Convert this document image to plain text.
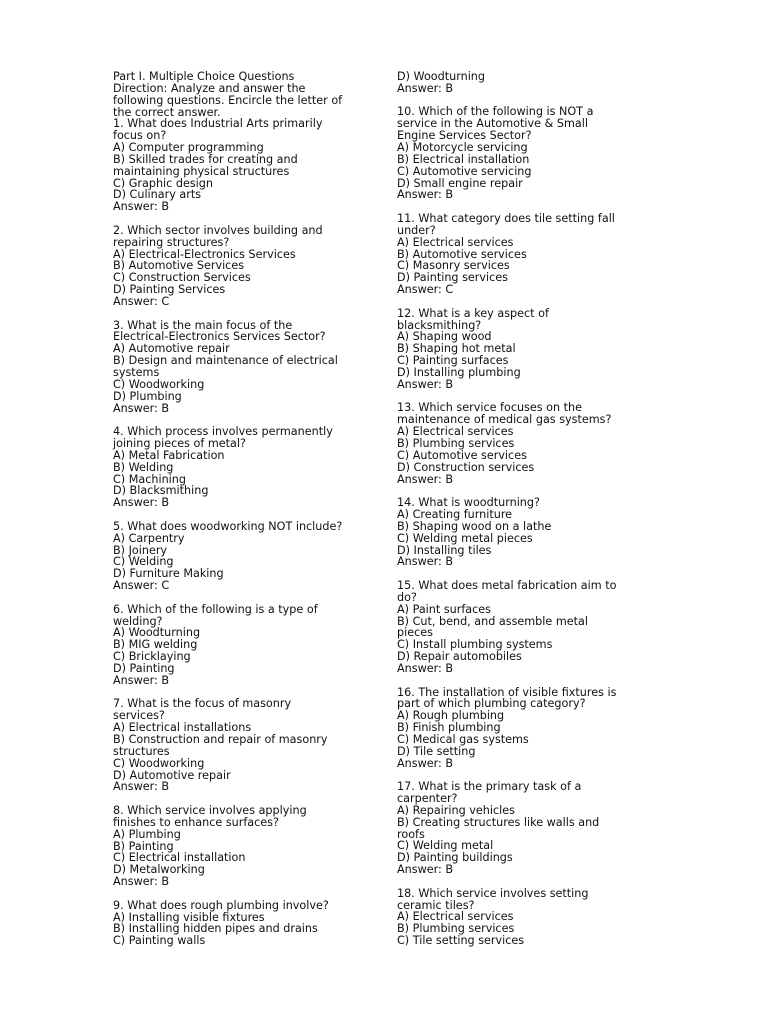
Part I. Multiple Choice Questions
Direction: Analyze and answer the
following questions. Encircle the letter of
the correct answer.
1. What does Industrial Arts primarily
focus on?
A) Computer programming
B) Skilled trades for creating and
maintaining physical structures
C) Graphic design
D) Culinary arts
Answer: B
2. Which sector involves building and
repairing structures?
A) Electrical-Electronics Services
B) Automotive Services
C) Construction Services
D) Painting Services
Answer: C
3. What is the main focus of the
Electrical-Electronics Services Sector?
A) Automotive repair
B) Design and maintenance of electrical
systems
C) Woodworking
D) Plumbing
Answer: B
4. Which process involves permanently
joining pieces of metal?
A) Metal Fabrication
B) Welding
C) Machining
D) Blacksmithing
Answer: B
5. What does woodworking NOT include?
A) Carpentry
B) Joinery
C) Welding
D) Furniture Making
Answer: C
6. Which of the following is a type of
welding?
A) Woodturning
B) MIG welding
C) Bricklaying
D) Painting
Answer: B
7. What is the focus of masonry
services?
A) Electrical installations
B) Construction and repair of masonry
structures
C) Woodworking
D) Automotive repair
Answer: B
8. Which service involves applying
finishes to enhance surfaces?
A) Plumbing
B) Painting
C) Electrical installation
D) Metalworking
Answer: B
9. What does rough plumbing involve?
A) Installing visible fixtures
B) Installing hidden pipes and drains
C) Painting walls
D) Woodturning
Answer: B
10. Which of the following is NOT a
service in the Automotive & Small
Engine Services Sector?
A) Motorcycle servicing
B) Electrical installation
C) Automotive servicing
D) Small engine repair
Answer: B
11. What category does tile setting fall
under?
A) Electrical services
B) Automotive services
C) Masonry services
D) Painting services
Answer: C
12. What is a key aspect of
blacksmithing?
A) Shaping wood
B) Shaping hot metal
C) Painting surfaces
D) Installing plumbing
Answer: B
13. Which service focuses on the
maintenance of medical gas systems?
A) Electrical services
B) Plumbing services
C) Automotive services
D) Construction services
Answer: B
14. What is woodturning?
A) Creating furniture
B) Shaping wood on a lathe
C) Welding metal pieces
D) Installing tiles
Answer: B
15. What does metal fabrication aim to
do?
A) Paint surfaces
B) Cut, bend, and assemble metal
pieces
C) Install plumbing systems
D) Repair automobiles
Answer: B
16. The installation of visible fixtures is
part of which plumbing category?
A) Rough plumbing
B) Finish plumbing
C) Medical gas systems
D) Tile setting
Answer: B
17. What is the primary task of a
carpenter?
A) Repairing vehicles
B) Creating structures like walls and
roofs
C) Welding metal
D) Painting buildings
Answer: B
18. Which service involves setting
ceramic tiles?
A) Electrical services
B) Plumbing services
C) Tile setting services
